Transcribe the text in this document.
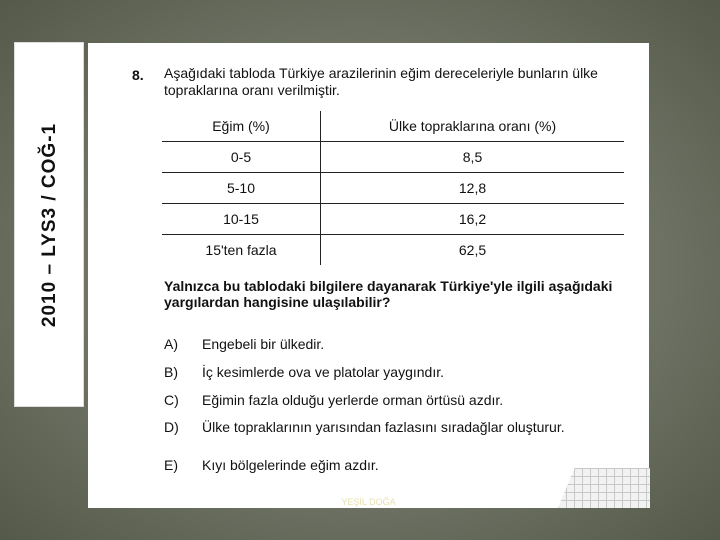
2010 – LYS3 / COĞ-1
8. Aşağıdaki tabloda Türkiye arazilerinin eğim dereceleriyle bunların ülke topraklarına oranı verilmiştir.
Eğim (%)	Ülke topraklarına oranı (%)
0-5	8,5
5-10	12,8
10-15	16,2
15'ten fazla	62,5
Yalnızca bu tablodaki bilgilere dayanarak Türkiye'yle ilgili aşağıdaki yargılardan hangisine ulaşılabilir?
A) Engebeli bir ülkedir.
B) İç kesimlerde ova ve platolar yaygındır.
C) Eğimin fazla olduğu yerlerde orman örtüsü azdır.
D) Ülke topraklarının yarısından fazlasını sıradağlar oluşturur.
E) Kıyı bölgelerinde eğim azdır.
YEŞİL DOĞA
